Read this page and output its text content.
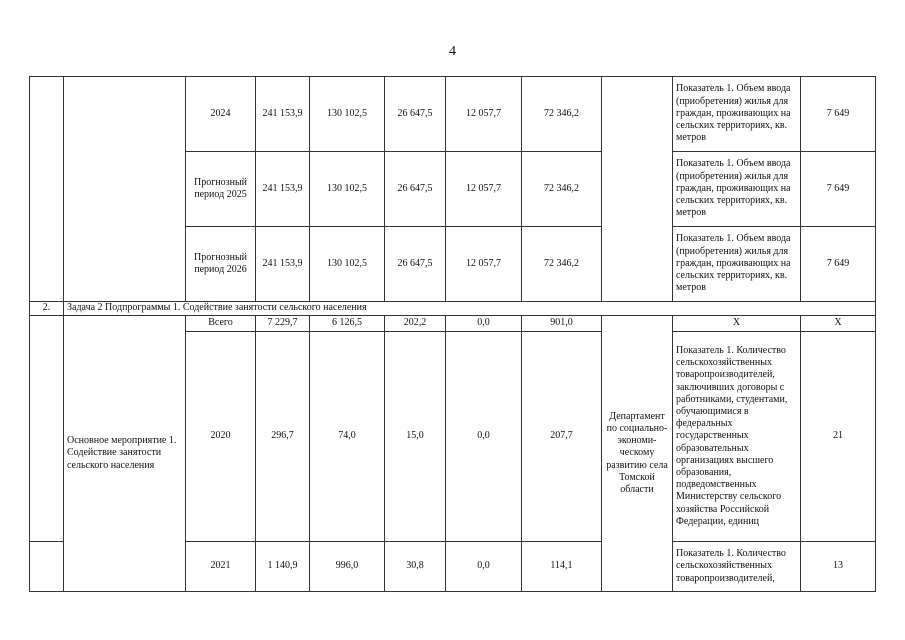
4
		2024	241 153,9	130 102,5	26 647,5	12 057,7	72 346,2		Показатель 1. Объем ввода (приобретения) жилья для граждан, проживающих на сельских территориях, кв. метров	7 649
		Прогнозный период 2025	241 153,9	130 102,5	26 647,5	12 057,7	72 346,2		Показатель 1. Объем ввода (приобретения) жилья для граждан, проживающих на сельских территориях, кв. метров	7 649
		Прогнозный период 2026	241 153,9	130 102,5	26 647,5	12 057,7	72 346,2		Показатель 1. Объем ввода (приобретения) жилья для граждан, проживающих на сельских территориях, кв. метров	7 649
2.	Задача 2 Подпрограммы 1. Содействие занятости сельского населения									
	Основное мероприятие 1. Содействие занятости сельского населения	Всего	7 229,7	6 126,5	202,2	0,0	901,0	Департамент по социально-экономи-ческому развитию села Томской области	Х	Х
		2020	296,7	74,0	15,0	0,0	207,7		Показатель 1. Количество сельскохозяйственных товаропроизводителей, заключивших договоры с работниками, студентами, обучающимися в федеральных государственных образовательных организациях высшего образования, подведомственных Министерству сельского хозяйства Российской Федерации, единиц	21
		2021	1 140,9	996,0	30,8	0,0	114,1		Показатель 1. Количество сельскохозяйственных товаропроизводителей,	13
